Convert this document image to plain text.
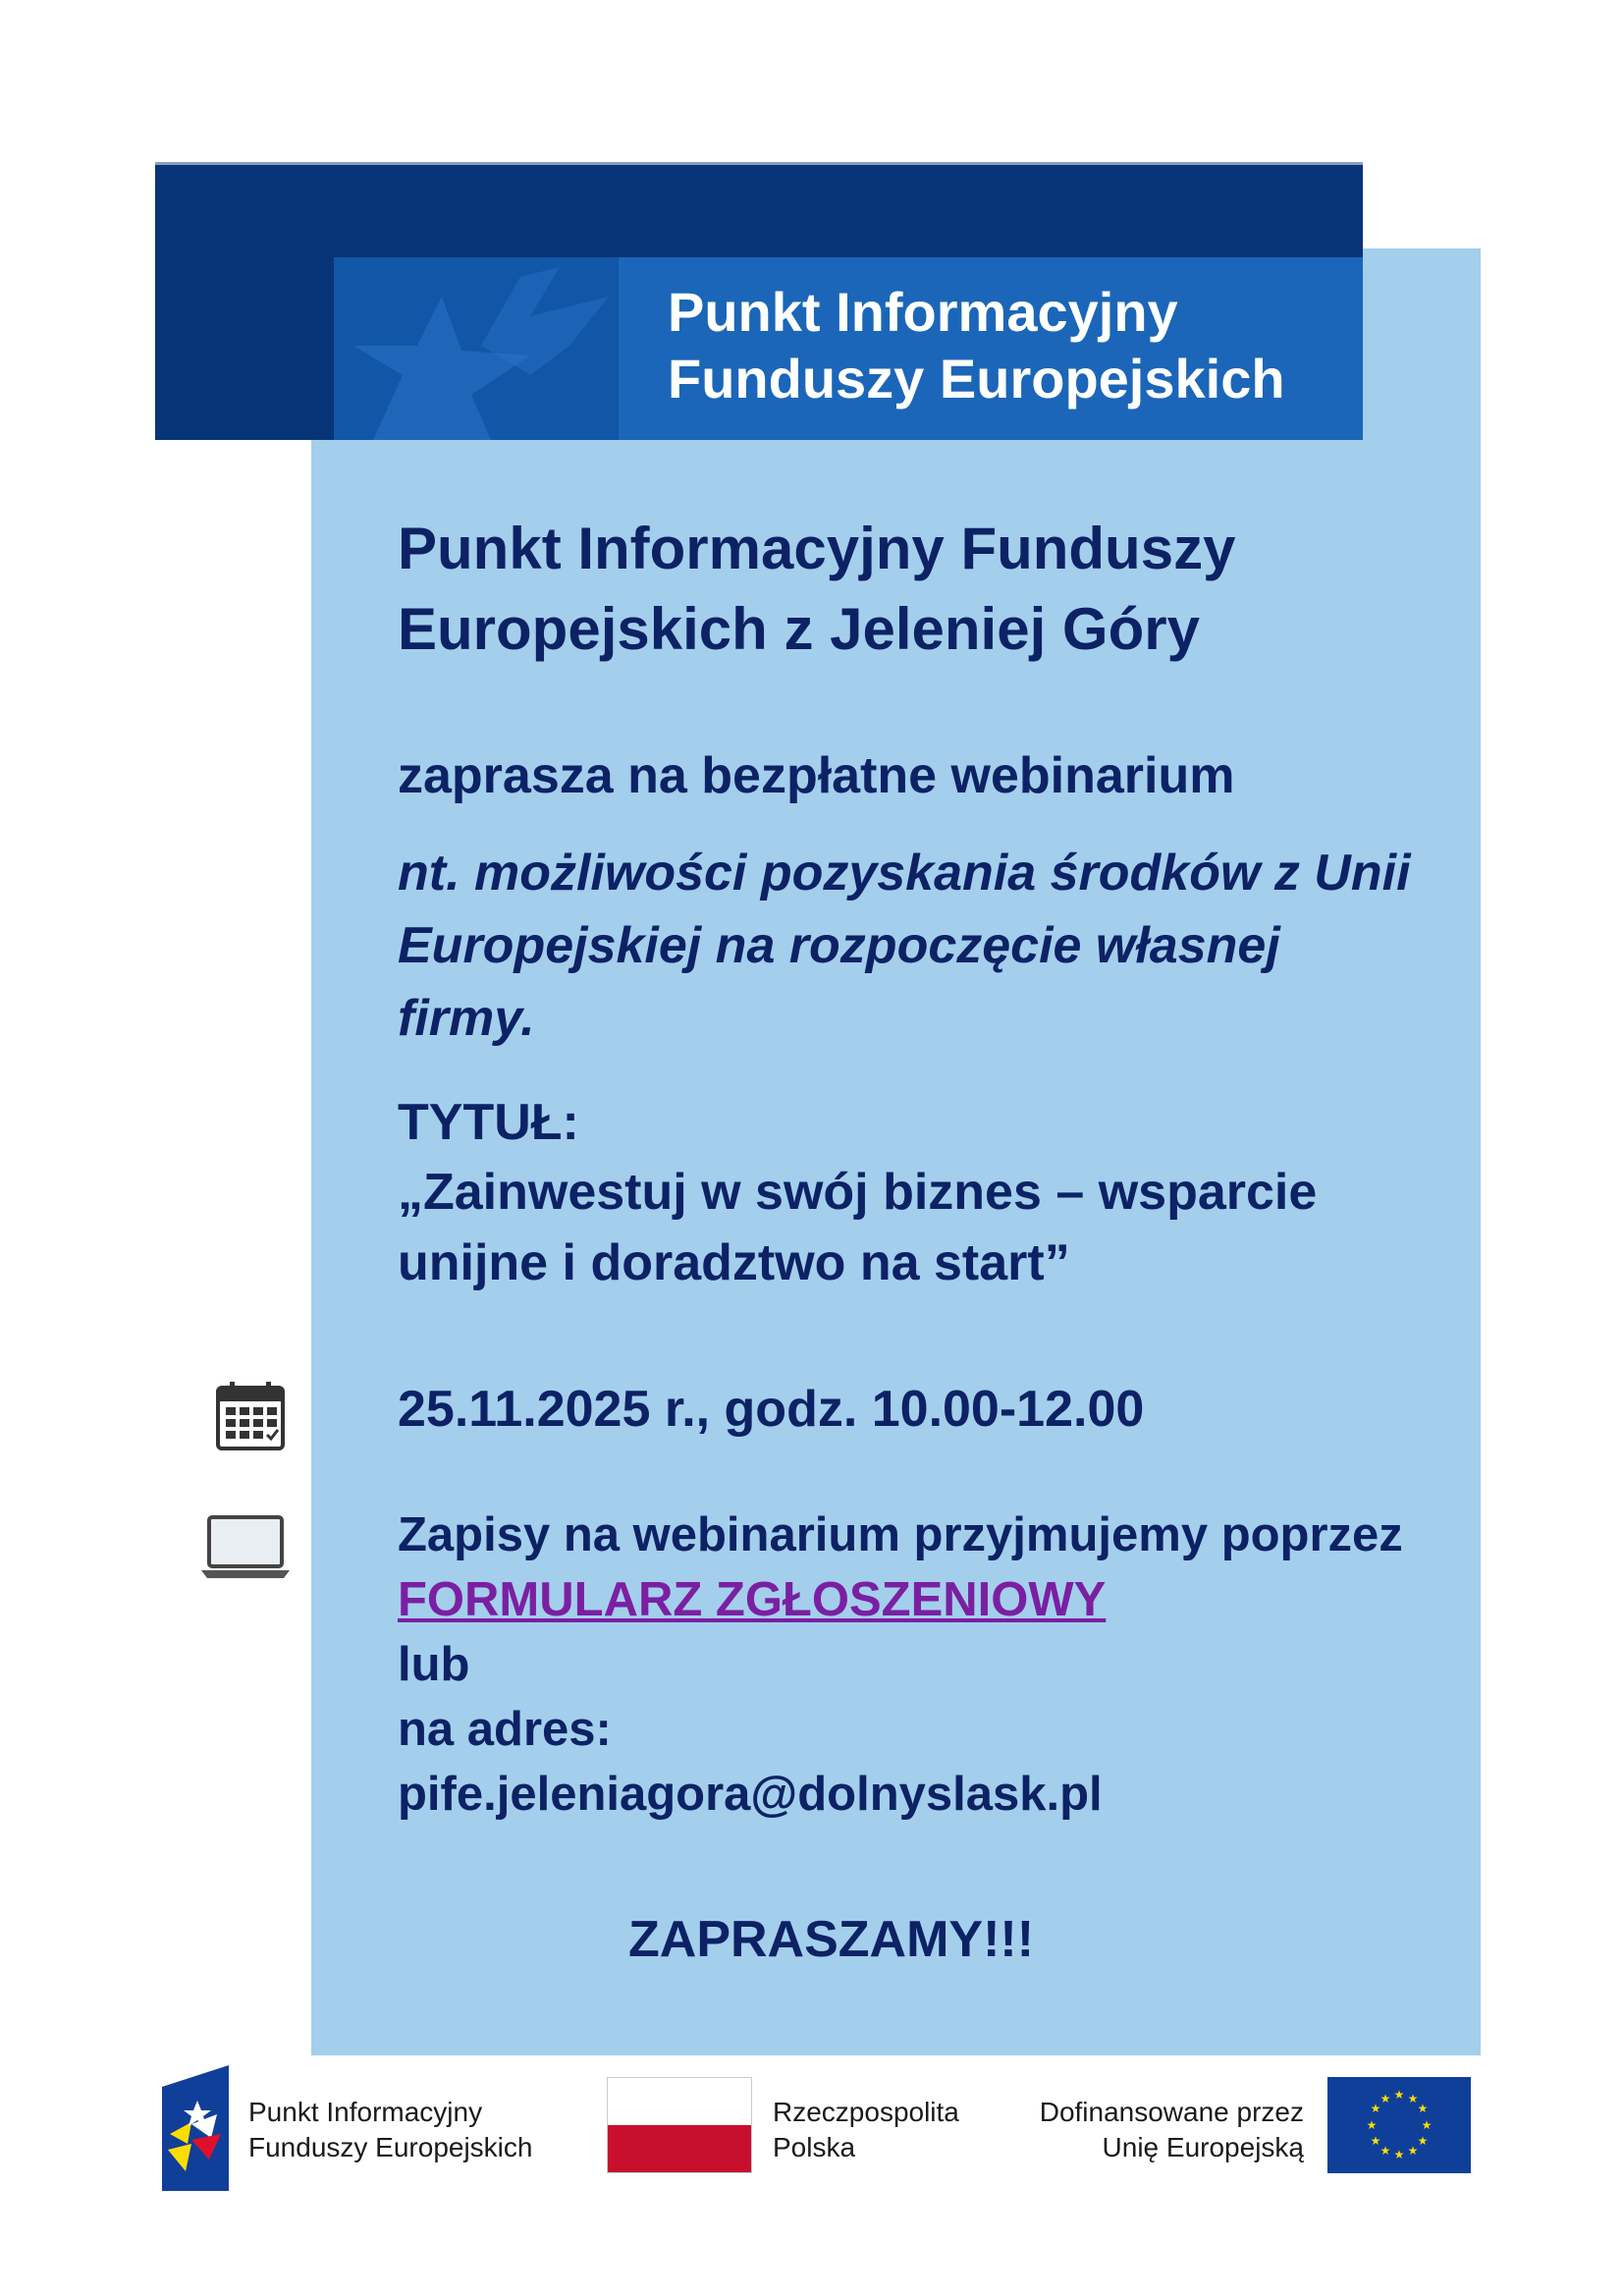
Punkt Informacyjny
Funduszy Europejskich
Punkt Informacyjny Funduszy Europejskich z Jeleniej Góry
zaprasza na bezpłatne webinarium
nt. możliwości pozyskania środków z Unii Europejskiej na rozpoczęcie własnej firmy.
TYTUŁ:
„Zainwestuj w swój biznes – wsparcie unijne i doradztwo na start”
25.11.2025 r., godz. 10.00-12.00
Zapisy na webinarium przyjmujemy poprzez
FORMULARZ ZGŁOSZENIOWY
lub
na adres:
pife.jeleniagora@dolnyslask.pl
ZAPRASZAMY!!!
Punkt Informacyjny
Funduszy Europejskich
Rzeczpospolita
Polska
Dofinansowane przez
Unię Europejską
★ ★
★
★
★
★
★
★
★
★
★
★
